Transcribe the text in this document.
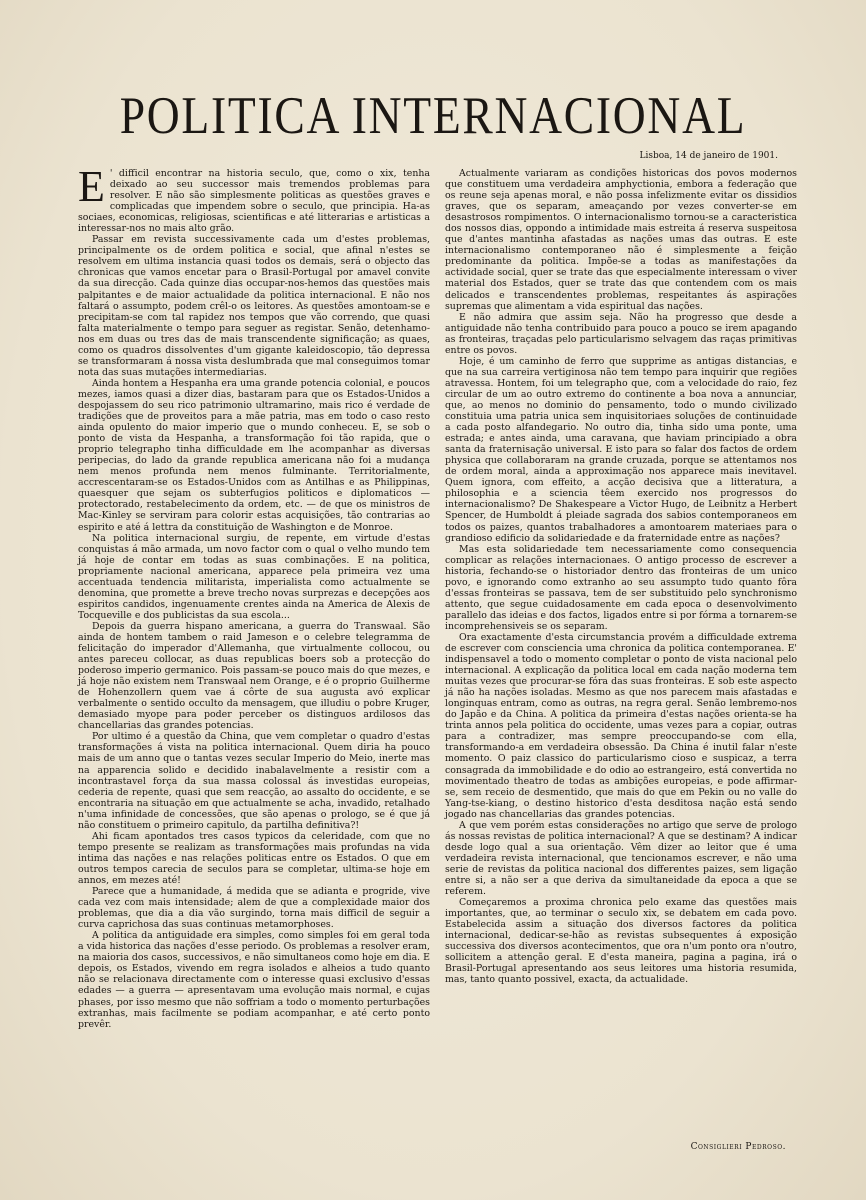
POLITICA INTERNACIONAL
Lisboa, 14 de janeiro de 1901.

E ' difficil encontrar na historia seculo, que, como o xix, tenha deixado ao seu successor mais tremendos problemas para resolver. E não são simplesmente politicas as questões graves e complicadas que impendem sobre o seculo, que principia. Ha-as sociaes, economicas, religiosas, scientificas e até litterarias e artisticas a interessar-nos no mais alto grão.

Passar em revista successivamente cada um d'estes problemas, principalmente os de ordem politica e social, que afinal n'estes se resolvem em ultima instancia quasi todos os demais, será o objecto das chronicas que vamos encetar para o Brasil-Portugal por amavel convite da sua direcção. Cada quinze dias occupar-nos-hemos das questões mais palpitantes e de maior actualidade da politica internacional. E não nos faltará o assumpto, podem crêl-o os leitores. As questões amontoam-se e precipitam-se com tal rapidez nos tempos que vão correndo, que quasi falta materialmente o tempo para seguer as registar. Senão, detenhamo-nos em duas ou tres das de mais transcendente significação; as quaes, como os quadros dissolventes d'um gigante kaleidoscopio, tão depressa se transformaram á nossa vista deslumbrada que mal conseguimos tomar nota das suas mutações intermediarias.

Ainda hontem a Hespanha era uma grande potencia colonial, e poucos mezes, iamos quasi a dizer dias, bastaram para que os Estados-Unidos a despojassem do seu rico patrimonio ultramarino, mais rico é verdade de tradições que de proveitos para a mãe patria, mas em todo o caso resto ainda opulento do maior imperio que o mundo conheceu. E, se sob o ponto de vista da Hespanha, a transformação foi tão rapida, que o proprio telegrapho tinha difficuldade em lhe acompanhar as diversas peripecias, do lado da grande republica americana não foi a mudança nem menos profunda nem menos fulminante. Territorialmente, accrescentaram-se os Estados-Unidos com as Antilhas e as Philippinas, quaesquer que sejam os subterfugios politicos e diplomaticos — protectorado, restabelecimento da ordem, etc. — de que os ministros de Mac-Kinley se serviram para colorir estas acquisições, tão contrarias ao espirito e até á lettra da constituição de Washington e de Monroe.

Na politica internacional surgiu, de repente, em virtude d'estas conquistas á mão armada, um novo factor com o qual o velho mundo tem já hoje de contar em todas as suas combinações. E na politica, propriamente nacional americana, apparece pela primeira vez uma accentuada tendencia militarista, imperialista como actualmente se denomina, que promette a breve trecho novas surprezas e decepções aos espiritos candidos, ingenuamente crentes ainda na America de Alexis de Tocqueville e dos publicistas da sua escola...

Depois da guerra hispano americana, a guerra do Transwaal. São ainda de hontem tambem o raid Jameson e o celebre telegramma de felicitação do imperador d'Allemanha, que virtualmente collocou, ou antes pareceu collocar, as duas republicas boers sob a protecção do poderoso imperio germanico. Pois passam-se pouco mais do que mezes, e já hoje não existem nem Transwaal nem Orange, e é o proprio Guilherme de Hohenzollern quem vae á côrte de sua augusta avó explicar verbalmente o sentido occulto da mensagem, que illudiu o pobre Kruger, demasiado myope para poder perceber os distinguos ardilosos das chancellarias das grandes potencias.

Por ultimo é a questão da China, que vem completar o quadro d'estas transformações á vista na politica internacional. Quem diria ha pouco mais de um anno que o tantas vezes secular Imperio do Meio, inerte mas na apparencia solido e decidido inabalavelmente a resistir com a incontrastavel força da sua massa colossal ás investidas europeias, cederia de repente, quasi que sem reacção, ao assalto do occidente, e se encontraria na situação em que actualmente se acha, invadido, retalhado n'uma infinidade de concessões, que são apenas o prologo, se é que já não constituem o primeiro capitulo, da partilha definitiva?!

Ahi ficam apontados tres casos typicos da celeridade, com que no tempo presente se realizam as transformações mais profundas na vida intima das nações e nas relações politicas entre os Estados. O que em outros tempos carecia de seculos para se completar, ultima-se hoje em annos, em mezes até!

Parece que a humanidade, á medida que se adianta e progride, vive cada vez com mais intensidade; alem de que a complexidade maior dos problemas, que dia a dia vão surgindo, torna mais difficil de seguir a curva caprichosa das suas continuas metamorphoses.

A politica da antiguidade era simples, como simples foi em geral toda a vida historica das nações d'esse periodo. Os problemas a resolver eram, na maioria dos casos, successivos, e não simultaneos como hoje em dia. E depois, os Estados, vivendo em regra isolados e alheios a tudo quanto não se relacionava directamente com o interesse quasi exclusivo d'essas edades — a guerra — apresentavam uma evolução mais normal, e cujas phases, por isso mesmo que não soffriam a todo o momento perturbações extranhas, mais facilmente se podiam acompanhar, e até certo ponto prevêr.

Actualmente variaram as condições historicas dos povos modernos que constituem uma verdadeira amphyctionia, embora a federação que os reune seja apenas moral, e não possa infelizmente evitar os dissidios graves, que os separam, ameaçando por vezes converter-se em desastrosos rompimentos. O internacionalismo tornou-se a caracteristica dos nossos dias, oppondo a intimidade mais estreita á reserva suspeitosa que d'antes mantinha afastadas as nações umas das outras. E este internacionalismo contemporaneo não é simplesmente a feição predominante da politica. Impõe-se a todas as manifestações da actividade social, quer se trate das que especialmente interessam o viver material dos Estados, quer se trate das que contendem com os mais delicados e transcendentes problemas, respeitantes ás aspirações supremas que alimentam a vida espiritual das nações.

E não admira que assim seja. Não ha progresso que desde a antiguidade não tenha contribuido para pouco a pouco se irem apagando as fronteiras, traçadas pelo particularismo selvagem das raças primitivas entre os povos.

Hoje, é um caminho de ferro que supprime as antigas distancias, e que na sua carreira vertiginosa não tem tempo para inquirir que regiões atravessa. Hontem, foi um telegrapho que, com a velocidade do raio, fez circular de um ao outro extremo do continente a boa nova a annunciar, que, ao menos no dominio do pensamento, todo o mundo civilizado constituia uma patria unica sem inquisitoriaes soluções de continuidade a cada posto alfandegario. No outro dia, tinha sido uma ponte, uma estrada; e antes ainda, uma caravana, que haviam principiado a obra santa da fraternisação universal. E isto para so falar dos factos de ordem physica que collaboraram na grande cruzada, porque se attentamos nos de ordem moral, ainda a approximação nos apparece mais inevitavel. Quem ignora, com effeito, a acção decisiva que a litteratura, a philosophia e a sciencia têem exercido nos progressos do internacionalismo? De Shakespeare a Victor Hugo, de Leibnitz a Herbert Spencer, de Humboldt á pleiade sagrada dos sabios contemporaneos em todos os paizes, quantos trabalhadores a amontoarem materiaes para o grandioso edificio da solidariedade e da fraternidade entre as nações?

Mas esta solidariedade tem necessariamente como consequencia complicar as relações internacionaes. O antigo processo de escrever a historia, fechando-se o historiador dentro das fronteiras de um unico povo, e ignorando como extranho ao seu assumpto tudo quanto fôra d'essas fronteiras se passava, tem de ser substituido pelo synchronismo attento, que segue cuidadosamente em cada epoca o desenvolvimento parallelo das ideias e dos factos, ligados entre si por fórma a tornarem-se incomprehensiveis se os separam.

Ora exactamente d'esta circumstancia provém a difficuldade extrema de escrever com consciencia uma chronica da politica contemporanea. E' indispensavel a todo o momento completar o ponto de vista nacional pelo internacional. A explicação da politica local em cada nação moderna tem muitas vezes que procurar-se fóra das suas fronteiras. E sob este aspecto já não ha nações isoladas. Mesmo as que nos parecem mais afastadas e longinquas entram, como as outras, na regra geral. Senão lembremo-nos do Japão e da China. A politica da primeira d'estas nações orienta-se ha trinta annos pela politica do occidente, umas vezes para a copiar, outras para a contradizer, mas sempre preoccupando-se com ella, transformando-a em verdadeira obsessão. Da China é inutil falar n'este momento. O paiz classico do particularismo cioso e suspicaz, a terra consagrada da immobilidade e do odio ao estrangeiro, está convertida no movimentado theatro de todas as ambições europeias, e pode affirmar-se, sem receio de desmentido, que mais do que em Pekin ou no valle do Yang-tse-kiang, o destino historico d'esta desditosa nação está sendo jogado nas chancellarias das grandes potencias.

A que vem porém estas considerações no artigo que serve de prologo ás nossas revistas de politica internacional? A que se destinam? A indicar desde logo qual a sua orientação. Vêm dizer ao leitor que é uma verdadeira revista internacional, que tencionamos escrever, e não uma serie de revistas da politica nacional dos differentes paizes, sem ligação entre si, a não ser a que deriva da simultaneidade da epoca a que se referem.

Começaremos a proxima chronica pelo exame das questões mais importantes, que, ao terminar o seculo xix, se debatem em cada povo. Estabelecida assim a situação dos diversos factores da politica internacional, dedicar-se-hão as revistas subsequentes á exposição successiva dos diversos acontecimentos, que ora n'um ponto ora n'outro, sollicitem a attenção geral. E d'esta maneira, pagina a pagina, irá o Brasil-Portugal apresentando aos seus leitores uma historia resumida, mas, tanto quanto possivel, exacta, da actualidade.

Consiglieri Pedroso.
